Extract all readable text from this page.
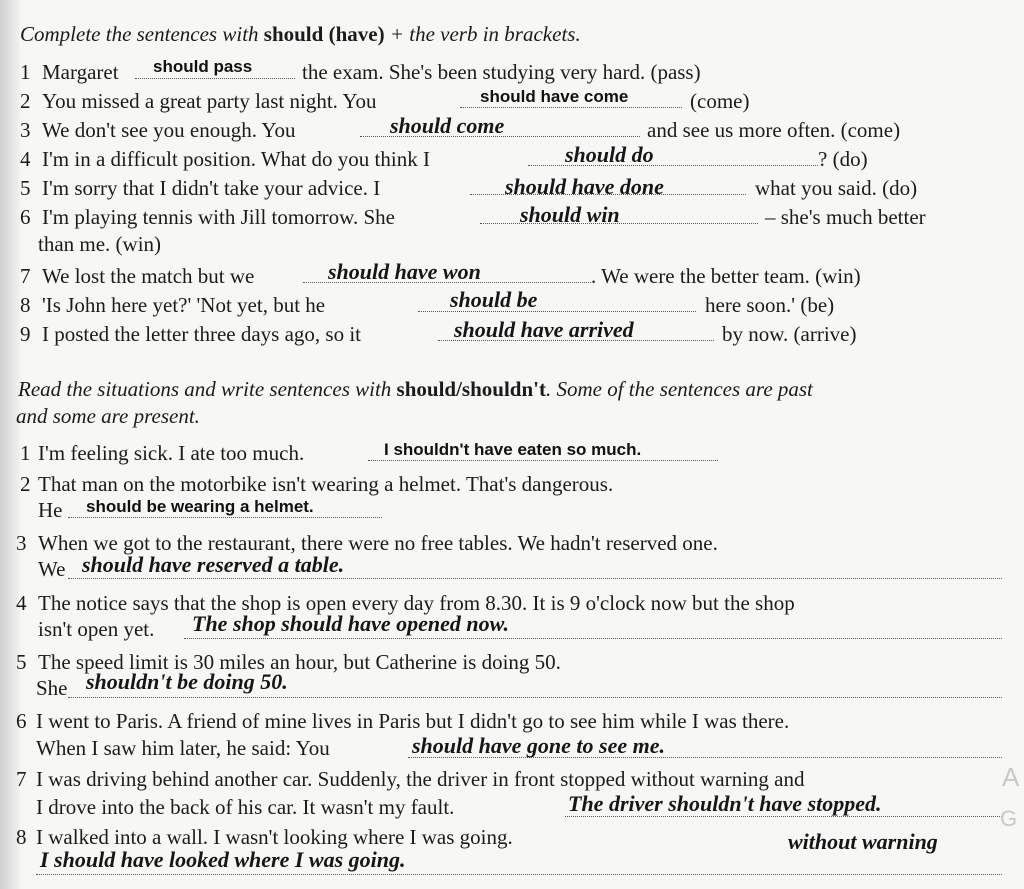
Complete the sentences with should (have) + the verb in brackets.
1 Margaret should pass the exam. She's been studying very hard. (pass)
2 You missed a great party last night. You	should have come	(come)
3 We don't see you enough. You	should come	and see us more often. (come)
4 I'm in a difficult position. What do you think I	should do	? (do)
5 I'm sorry that I didn't take your advice. I	should have done	what you said. (do)
6 I'm playing tennis with Jill tomorrow. She	should win	– she's much better
than me. (win)
7 We lost the match but we	should have won	. We were the better team. (win)
8 'Is John here yet?' 'Not yet, but he	should be	here soon.' (be)
9 I posted the letter three days ago, so it	should have arrived	by now. (arrive)
Read the situations and write sentences with should/shouldn't. Some of the sentences are past
and some are present.
1 I'm feeling sick. I ate too much.	I shouldn't have eaten so much.
2 That man on the motorbike isn't wearing a helmet. That's dangerous.
He should be wearing a helmet.
3 When we got to the restaurant, there were no free tables. We hadn't reserved one.
We should have reserved a table.
4 The notice says that the shop is open every day from 8.30. It is 9 o'clock now but the shop
isn't open yet. The shop should have opened now.
5 The speed limit is 30 miles an hour, but Catherine is doing 50.
She shouldn't be doing 50.
6 I went to Paris. A friend of mine lives in Paris but I didn't go to see him while I was there.
When I saw him later, he said: You	should have gone to see me.
7 I was driving behind another car. Suddenly, the driver in front stopped without warning and
I drove into the back of his car. It wasn't my fault.	The driver shouldn't have stopped.
8 I walked into a wall. I wasn't looking where I was going.	without warning
I should have looked where I was going.
A
G
